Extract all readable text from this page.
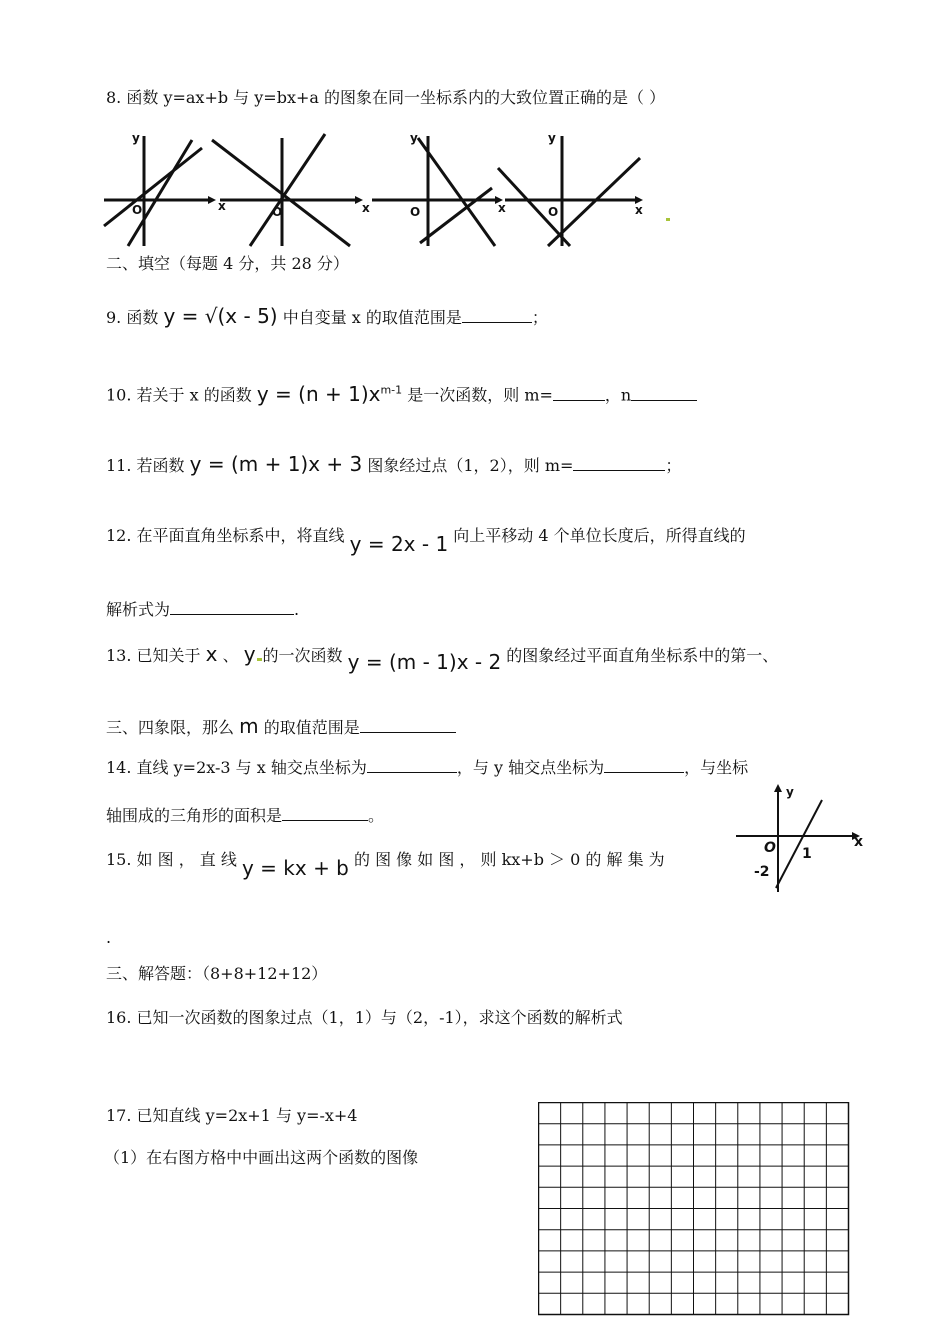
8. 函数 y=ax+b 与 y=bx+a 的图象在同一坐标系内的大致位置正确的是（ ）
y
O	x	O	x
y
O	x
y
O	x
二、填空（每题 4 分，共 28 分）
9. 函数 y = √(x - 5) 中自变量 x 的取值范围是	；
10. 若关于 x 的函数 $y = (n + 1)x^{m-1}$ 是一次函数，则 m=	，n
11. 若函数 y = (m + 1)x + 3 图象经过点（1，2），则 m=	；
12. 在平面直角坐标系中，将直线 y = 2x - 1 向上平移动 4 个单位长度后，所得直线的
解析式为	.
13. 已知关于 x 、 y 的一次函数 y = (m - 1)x - 2 的图象经过平面直角坐标系中的第一、
三、四象限，那么 m 的取值范围是
14. 直线 y=2x-3 与 x 轴交点坐标为	，与 y 轴交点坐标为	，与坐标
轴围成的三角形的面积是	。
15. 如 图 ， 直 线 y = kx + b 的 图 像 如 图 ， 则 kx+b ＞ 0 的 解 集 为
.
y
x
O 1
-2
三、解答题：（8+8+12+12）
16. 已知一次函数的图象过点（1，1）与（2，-1），求这个函数的解析式
17. 已知直线 y=2x+1 与 y=-x+4
（1）在右图方格中中画出这两个函数的图像
